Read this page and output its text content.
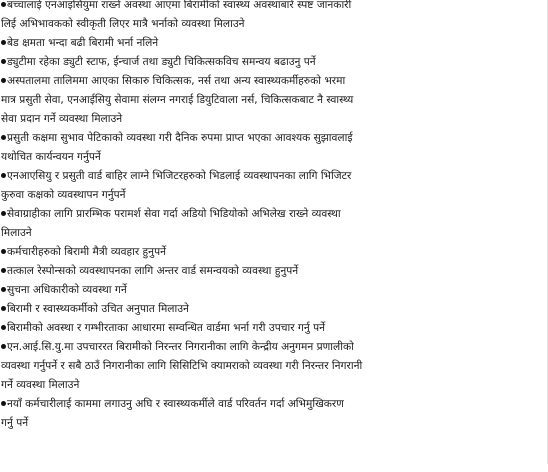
बच्चालाई एनआइसियुमा राख्ने अवस्था आएमा बिरामीको स्वास्थ्य अवस्थाबारे स्पष्ट जानकारी
लिई अभिभावकको स्वीकृती लिएर मात्रै भर्नाको व्यवस्था मिलाउने
बेड क्षमता भन्दा बढी बिरामी भर्ना नलिने
ड्युटीमा रहेका ड्युटी स्टाफ, ईन्चार्ज तथा ड्युटी चिकित्सकविच समन्वय बढाउनु पर्ने
अस्पतालमा तालिममा आएका सिकारु चिकित्सक, नर्स तथा अन्य स्वास्थ्यकर्मीहरुको भरमा
मात्र प्रसुती सेवा, एनआईसियु सेवामा संलग्न नगराई डियुटिवाला नर्स, चिकित्सकबाट नै स्वास्थ्य
सेवा प्रदान गर्ने व्यवस्था मिलाउने
प्रसुती कक्षमा सुभाव पेटिकाको व्यवस्था गरी दैनिक रुपमा प्राप्त भएका आवश्यक सुझावलाई
यथोचित कार्यन्वयन गर्नुपर्ने
एनआएसियु र प्रसुती वार्ड बाहिर लाग्ने भिजिटरहरुको भिडलाई व्यवस्थापनका लागि भिजिटर
कुरुवा कक्षको व्यवस्थापन गर्नुपर्ने
सेवाग्राहीका लागि प्रारम्भिक परामर्श सेवा गर्दा अडियो भिडियोको अभिलेख राख्ने व्यवस्था
मिलाउने
कर्मचारीहरुको बिरामी मैत्री व्यवहार हुनुपर्ने
तत्काल रेस्पोन्सको व्यवस्थापनका लागि अन्तर वार्ड समन्वयको व्यवस्था हुनुपर्ने
सुचना अधिकारीको व्यवस्था गर्ने
बिरामी र स्वास्थ्यकर्मीको उचित अनुपात मिलाउने
बिरामीको अवस्था र गम्भीरताका आधारमा सम्वन्धित वार्डमा भर्ना गरी उपचार गर्नु पर्ने
एन.आई.सि.यु.मा उपचाररत बिरामीको निरन्तर निगरानीका लागि केन्द्रीय अनुगमन प्रणालीको
व्यवस्था गर्नुपर्ने र सबै ठाउँ निगरानीका लागि सिसिटिभि क्यामराको व्यवस्था गरी निरन्तर निगरानी
गर्ने व्यवस्था मिलाउने
नयाँ कर्मचारीलाई काममा लगाउनु अघि र स्वास्थ्यकर्मीले वार्ड परिवर्तन गर्दा अभिमुखिकरण
गर्नु पर्ने
